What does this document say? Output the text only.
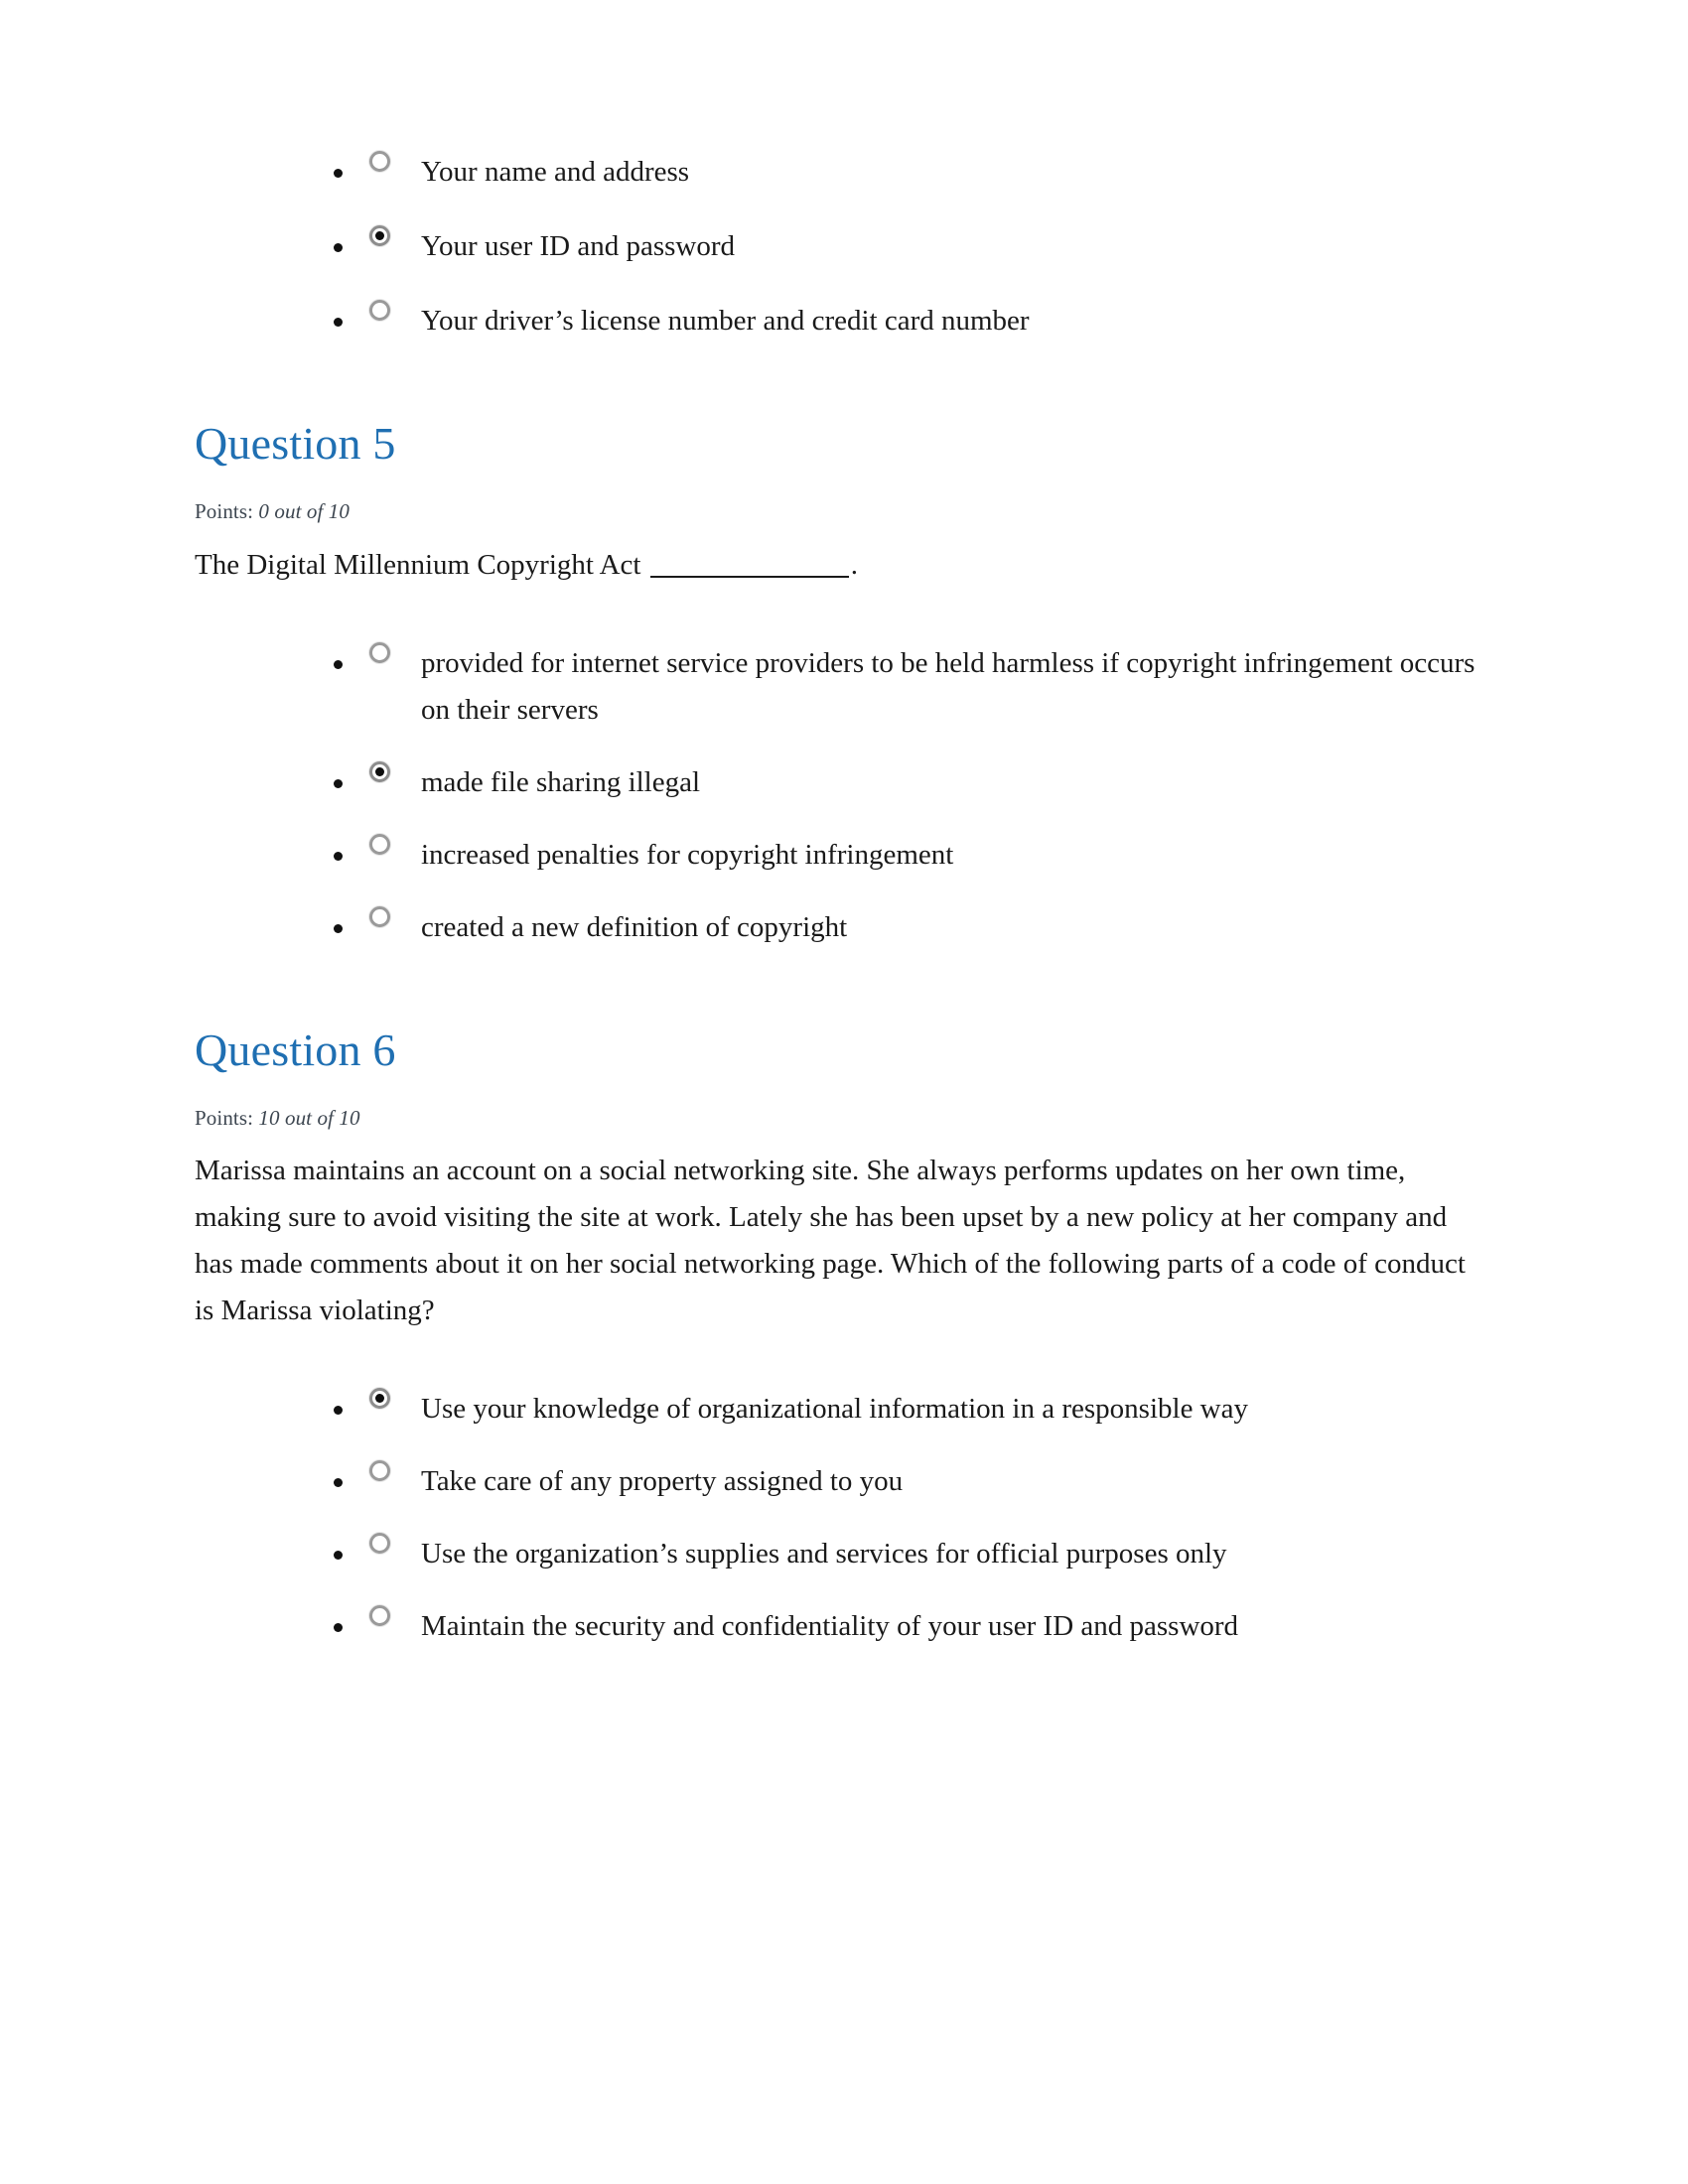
Your name and address
Your user ID and password
Your driver’s license number and credit card number
Question 5

Points: 0 out of 10

The Digital Millennium Copyright Act	.

provided for internet service providers to be held harmless if copyright infringement occurs on their servers
made file sharing illegal
increased penalties for copyright infringement
created a new definition of copyright
Question 6

Points: 10 out of 10

Marissa maintains an account on a social networking site. She always performs updates on her own time, making sure to avoid visiting the site at work. Lately she has been upset by a new policy at her company and has made comments about it on her social networking page. Which of the following parts of a code of conduct is Marissa violating?

Use your knowledge of organizational information in a responsible way
Take care of any property assigned to you
Use the organization’s supplies and services for official purposes only
Maintain the security and confidentiality of your user ID and password
